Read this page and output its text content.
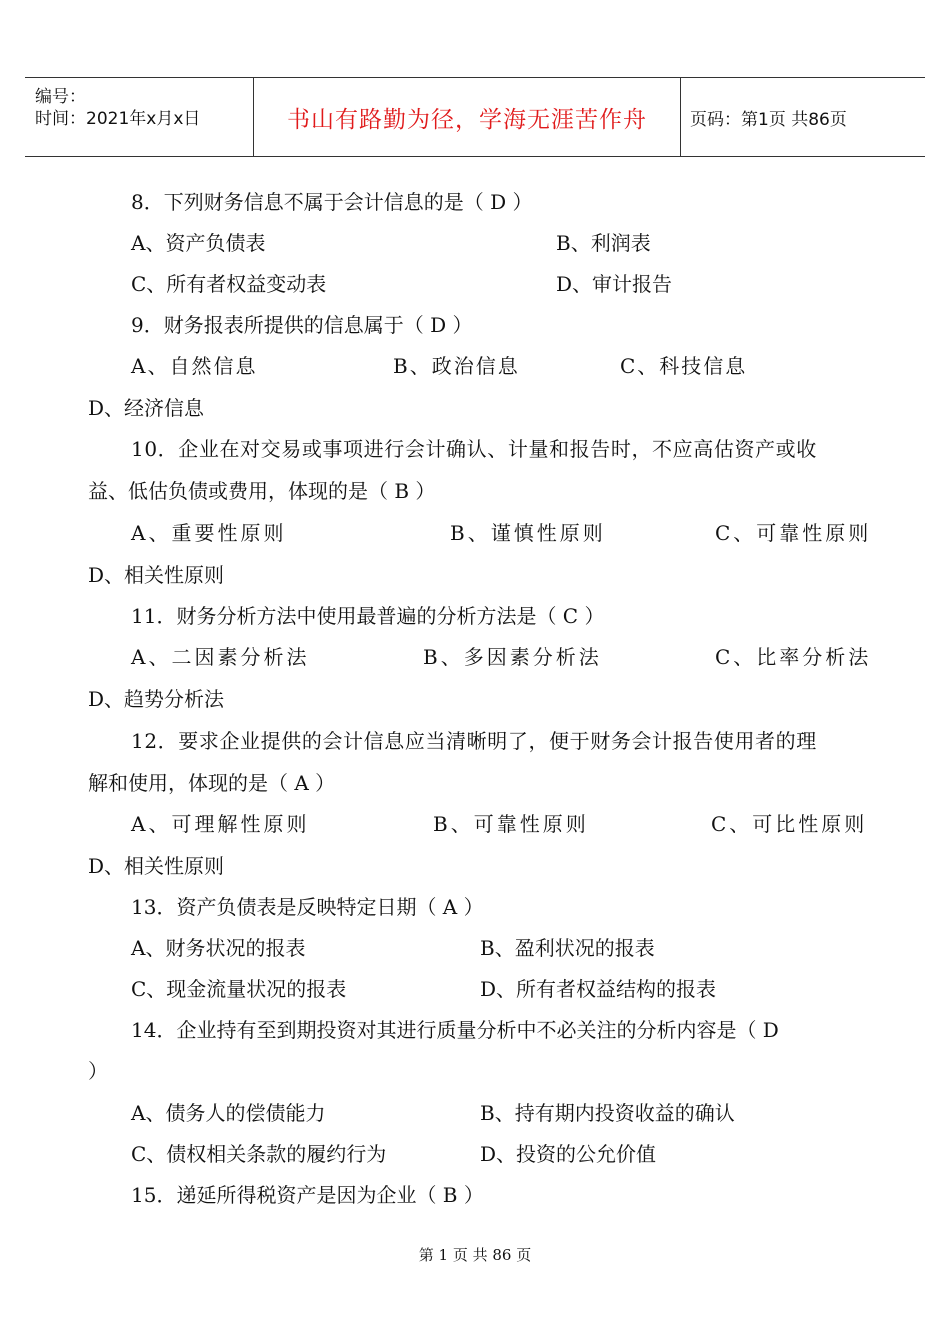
编号：
时间：2021年x月x日	书山有路勤为径，学海无涯苦作舟	页码：第1页 共86页
8．下列财务信息不属于会计信息的是（ D ）
A、资产负债表	B、利润表
C、所有者权益变动表	D、审计报告
9．财务报表所提供的信息属于（ D ）
A、自然信息	B、政治信息	C、科技信息
D、经济信息
10．企业在对交易或事项进行会计确认、计量和报告时，不应高估资产或收
益、低估负债或费用，体现的是（ B ）
A、重要性原则	B、谨慎性原则	C、可靠性原则
D、相关性原则
11．财务分析方法中使用最普遍的分析方法是（ C ）
A、二因素分析法	B、多因素分析法	C、比率分析法
D、趋势分析法
12．要求企业提供的会计信息应当清晰明了，便于财务会计报告使用者的理
解和使用，体现的是（ A ）
A、可理解性原则	B、可靠性原则	C、可比性原则
D、相关性原则
13．资产负债表是反映特定日期（ A ）
A、财务状况的报表	B、盈利状况的报表
C、现金流量状况的报表	D、所有者权益结构的报表
14．企业持有至到期投资对其进行质量分析中不必关注的分析内容是（ D
）
A、债务人的偿债能力	B、持有期内投资收益的确认
C、债权相关条款的履约行为	D、投资的公允价值
15．递延所得税资产是因为企业（ B ）
第 1 页 共 86 页
